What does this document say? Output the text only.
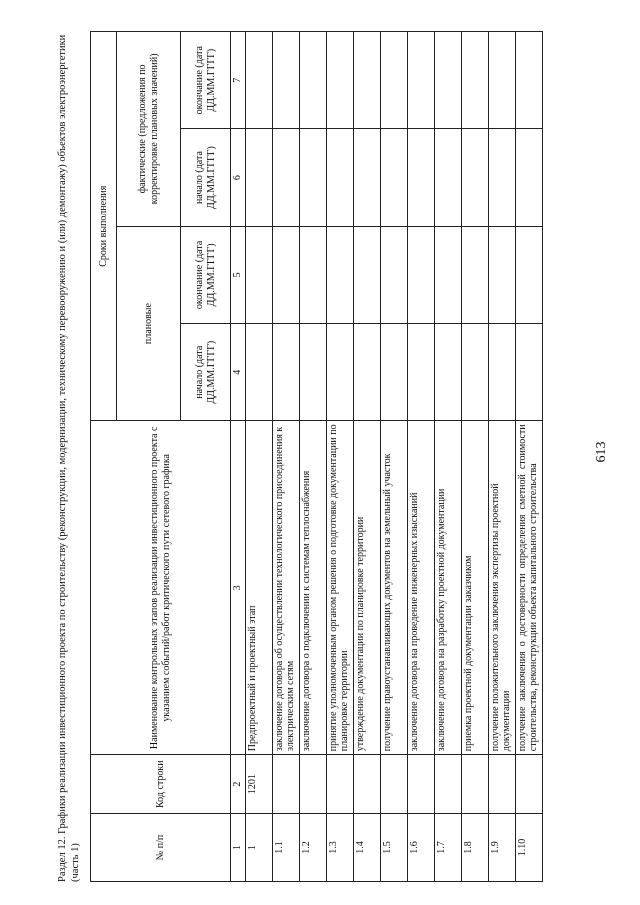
613
Раздел 12. Графики реализации инвестиционного проекта по строительству (реконструкции, модернизации, техническому перевооружению и (или) демонтажу) объектов электроэнергетики (часть 1)	№ п/п	Код строки	Наименование контрольных этапов реализации инвестиционного проекта с указанием событий/работ критического пути сетевого графика	Сроки выполнения			
			плановые		фактические (предложения по корректировке плановых значений)	
			начало (дата ДД.ММ.ГГГГ)	окончание (дата ДД.ММ.ГГГГ)	начало (дата ДД.ММ.ГГГГ)	окончание (дата ДД.ММ.ГГГГ)
1	2	3	4	5	6	7
1	1201	Предпроектный и проектный этап				
1.1		заключение договора об осуществлении технологического присоединения к электрическим сетям				
1.2		заключение договора о подключении к системам теплоснабжения				
1.3		принятие уполномоченным органом решения о подготовке документации по планировке территории				
1.4		утверждение документации по планировке территории				
1.5		получение правоустанавливающих документов на земельный участок				
1.6		заключение договора на проведение инженерных изысканий				
1.7		заключение договора на разработку проектной документации				
1.8		приемка проектной документации заказчиком				
1.9		получение положительного заключения экспертизы проектной документации				
1.10		получение заключения о достоверности определения сметной стоимости строительства, реконструкции объекта капитального строительства				
